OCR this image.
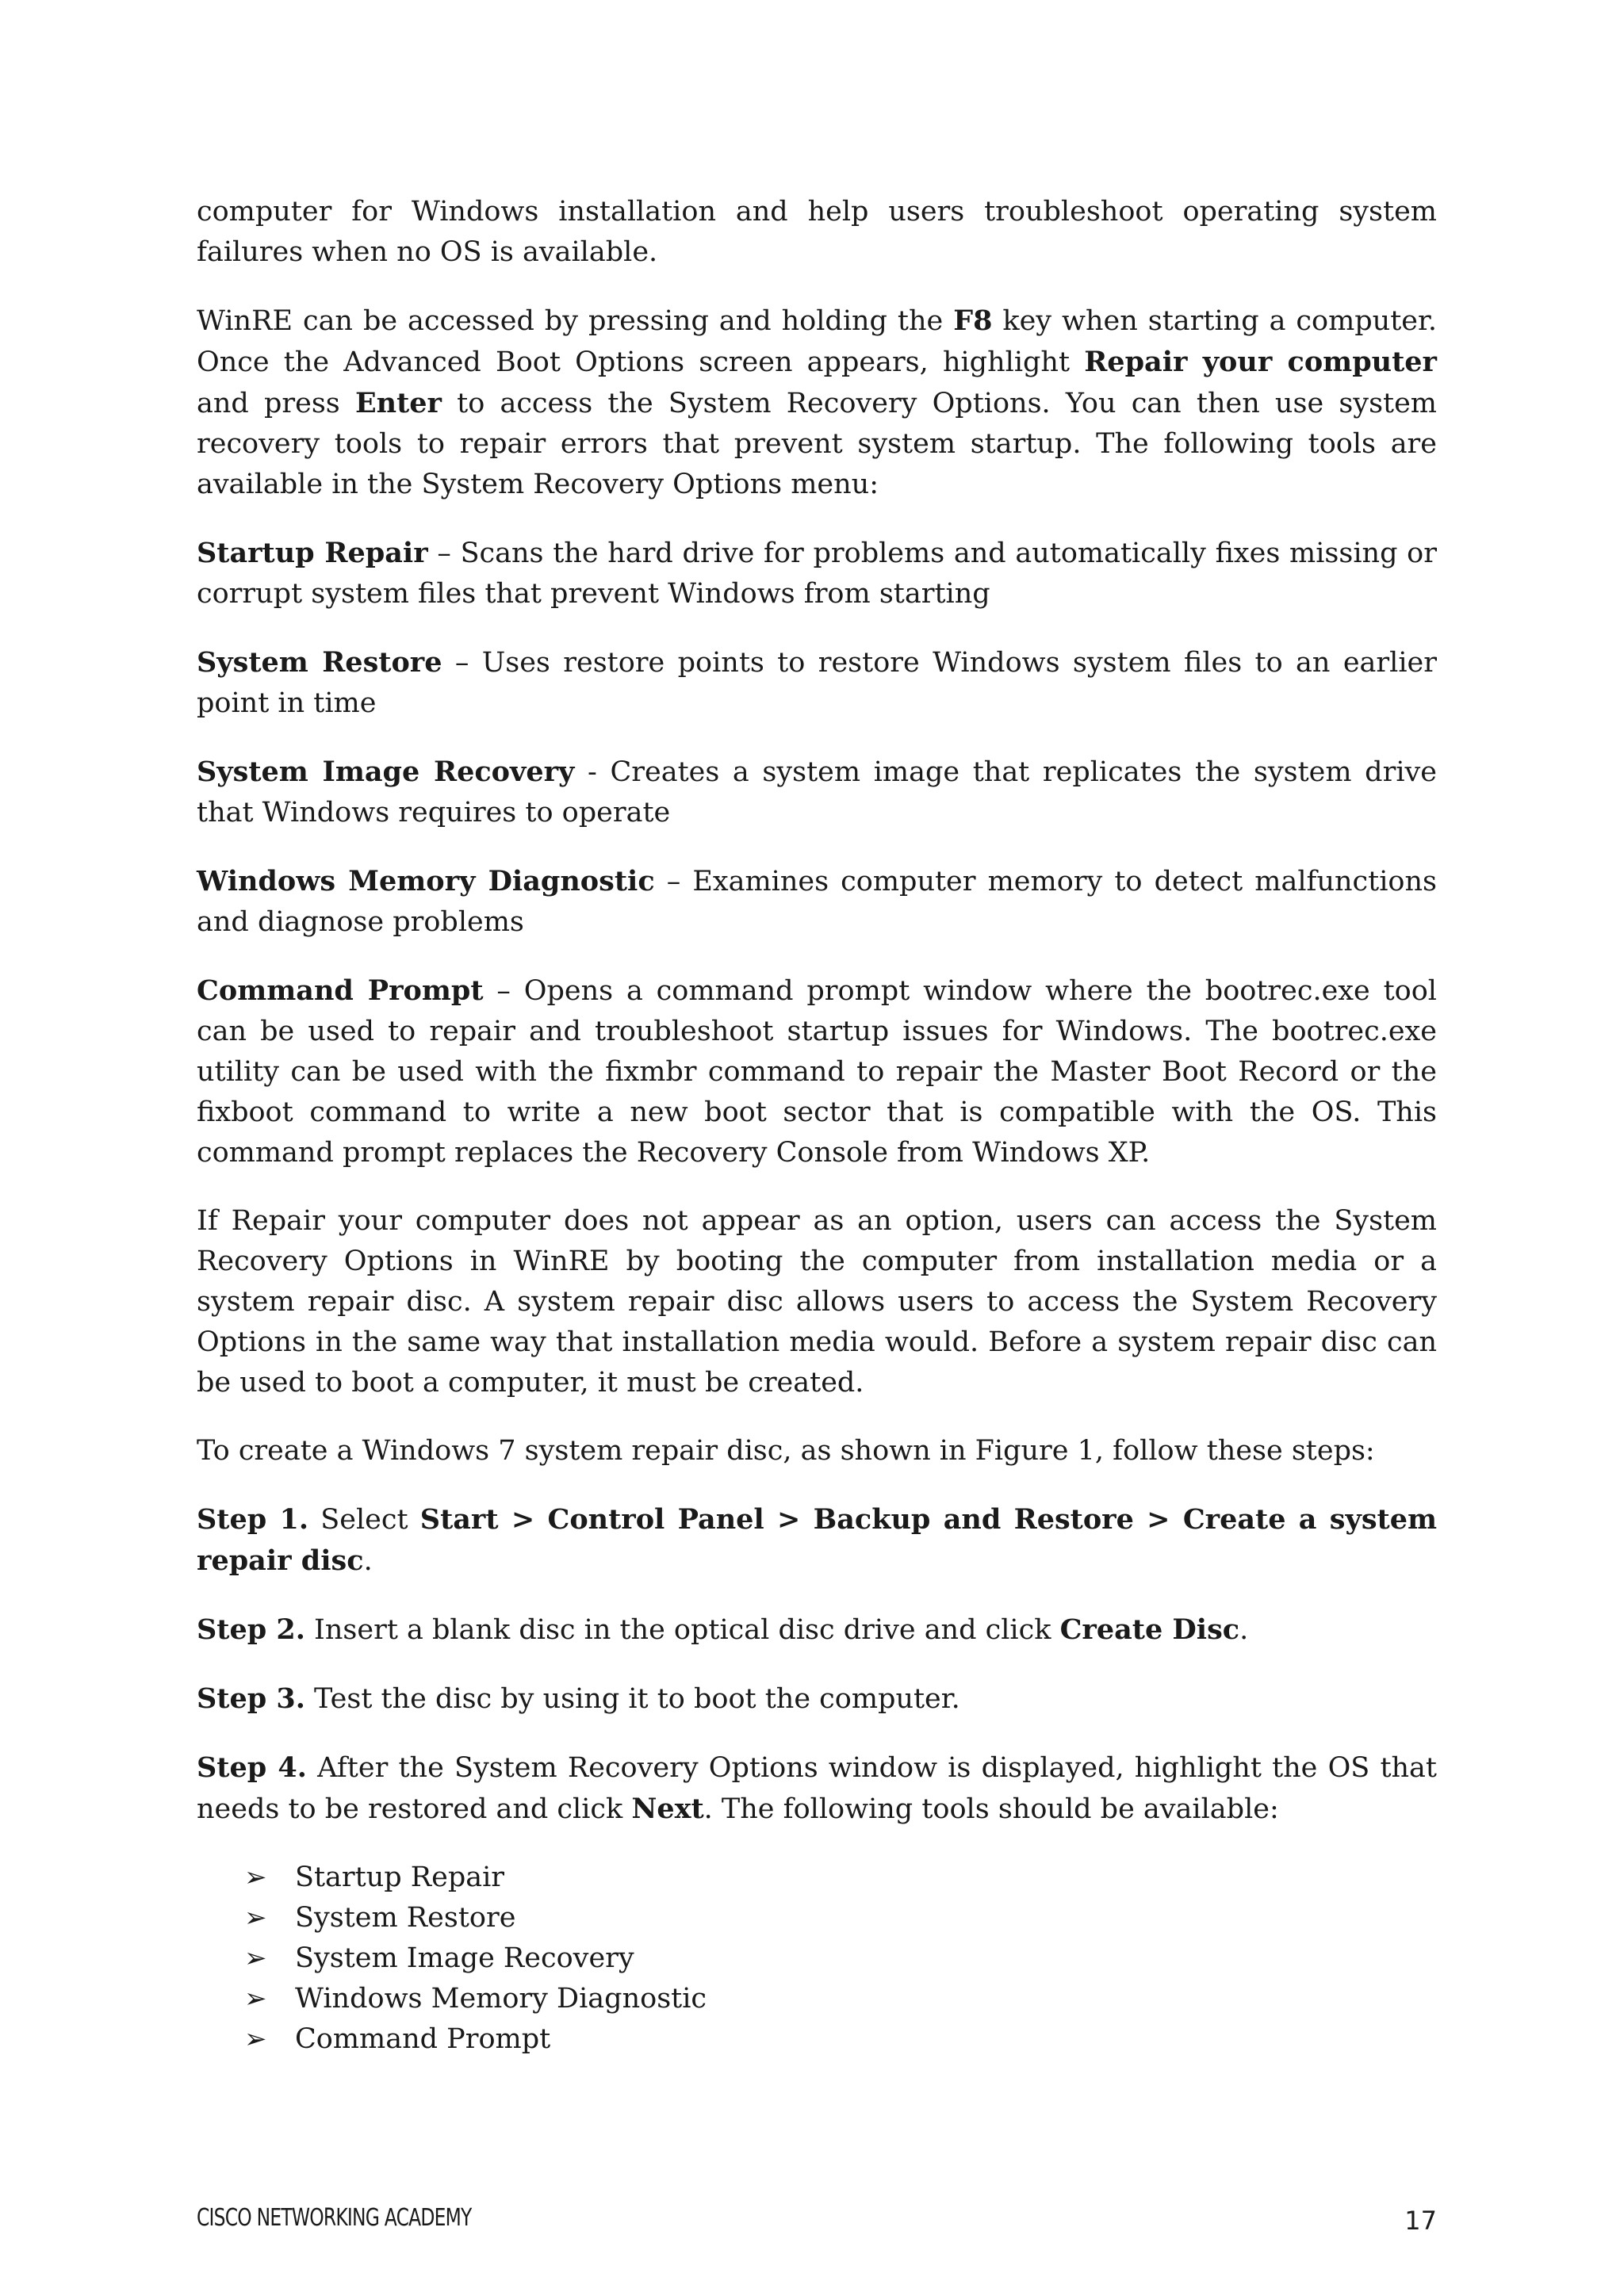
computer for Windows installation and help users troubleshoot operating system failures when no OS is available.

WinRE can be accessed by pressing and holding the F8 key when starting a computer. Once the Advanced Boot Options screen appears, highlight Repair your computer and press Enter to access the System Recovery Options. You can then use system recovery tools to repair errors that prevent system startup. The following tools are available in the System Recovery Options menu:

Startup Repair – Scans the hard drive for problems and automatically fixes missing or corrupt system files that prevent Windows from starting

System Restore – Uses restore points to restore Windows system files to an earlier point in time

System Image Recovery - Creates a system image that replicates the system drive that Windows requires to operate

Windows Memory Diagnostic – Examines computer memory to detect malfunctions and diagnose problems

Command Prompt – Opens a command prompt window where the bootrec.exe tool can be used to repair and troubleshoot startup issues for Windows. The bootrec.exe utility can be used with the fixmbr command to repair the Master Boot Record or the fixboot command to write a new boot sector that is compatible with the OS. This command prompt replaces the Recovery Console from Windows XP.

If Repair your computer does not appear as an option, users can access the System Recovery Options in WinRE by booting the computer from installation media or a system repair disc. A system repair disc allows users to access the System Recovery Options in the same way that installation media would. Before a system repair disc can be used to boot a computer, it must be created.

To create a Windows 7 system repair disc, as shown in Figure 1, follow these steps:

Step 1. Select Start > Control Panel > Backup and Restore > Create a system repair disc.

Step 2. Insert a blank disc in the optical disc drive and click Create Disc.

Step 3. Test the disc by using it to boot the computer.

Step 4. After the System Recovery Options window is displayed, highlight the OS that needs to be restored and click Next. The following tools should be available:

➢	Startup Repair
➢	System Restore
➢	System Image Recovery
➢	Windows Memory Diagnostic
➢	Command Prompt
CISCO NETWORKING ACADEMY	17
